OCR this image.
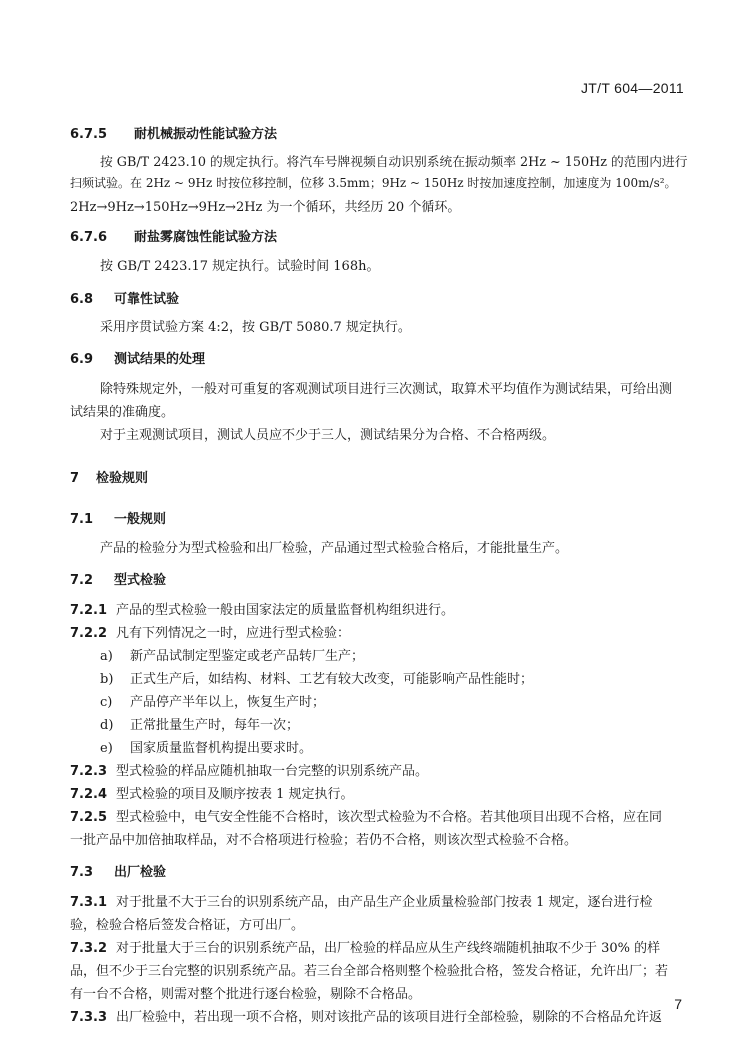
JT/T 604—2011
6.7.5 耐机械振动性能试验方法
按 GB/T 2423.10 的规定执行。将汽车号牌视频自动识别系统在振动频率 2Hz ~ 150Hz 的范围内进行
扫频试验。在 2Hz ~ 9Hz 时按位移控制，位移 3.5mm；9Hz ~ 150Hz 时按加速度控制，加速度为 100m/s²。
2Hz→9Hz→150Hz→9Hz→2Hz 为一个循环，共经历 20 个循环。
6.7.6 耐盐雾腐蚀性能试验方法
按 GB/T 2423.17 规定执行。试验时间 168h。
6.8 可靠性试验
采用序贯试验方案 4:2，按 GB/T 5080.7 规定执行。
6.9 测试结果的处理
除特殊规定外，一般对可重复的客观测试项目进行三次测试，取算术平均值作为测试结果，可给出测
试结果的准确度。
对于主观测试项目，测试人员应不少于三人，测试结果分为合格、不合格两级。
7 检验规则
7.1 一般规则
产品的检验分为型式检验和出厂检验，产品通过型式检验合格后，才能批量生产。
7.2 型式检验
7.2.1 产品的型式检验一般由国家法定的质量监督机构组织进行。
7.2.2 凡有下列情况之一时，应进行型式检验：
a) 新产品试制定型鉴定或老产品转厂生产；
b) 正式生产后，如结构、材料、工艺有较大改变，可能影响产品性能时；
c) 产品停产半年以上，恢复生产时；
d) 正常批量生产时，每年一次；
e) 国家质量监督机构提出要求时。
7.2.3 型式检验的样品应随机抽取一台完整的识别系统产品。
7.2.4 型式检验的项目及顺序按表 1 规定执行。
7.2.5 型式检验中，电气安全性能不合格时，该次型式检验为不合格。若其他项目出现不合格，应在同
一批产品中加倍抽取样品，对不合格项进行检验；若仍不合格，则该次型式检验不合格。
7.3 出厂检验
7.3.1 对于批量不大于三台的识别系统产品，由产品生产企业质量检验部门按表 1 规定，逐台进行检
验，检验合格后签发合格证，方可出厂。
7.3.2 对于批量大于三台的识别系统产品，出厂检验的样品应从生产线终端随机抽取不少于 30% 的样
品，但不少于三台完整的识别系统产品。若三台全部合格则整个检验批合格，签发合格证，允许出厂；若
有一台不合格，则需对整个批进行逐台检验，剔除不合格品。
7.3.3 出厂检验中，若出现一项不合格，则对该批产品的该项目进行全部检验，剔除的不合格品允许返
7
